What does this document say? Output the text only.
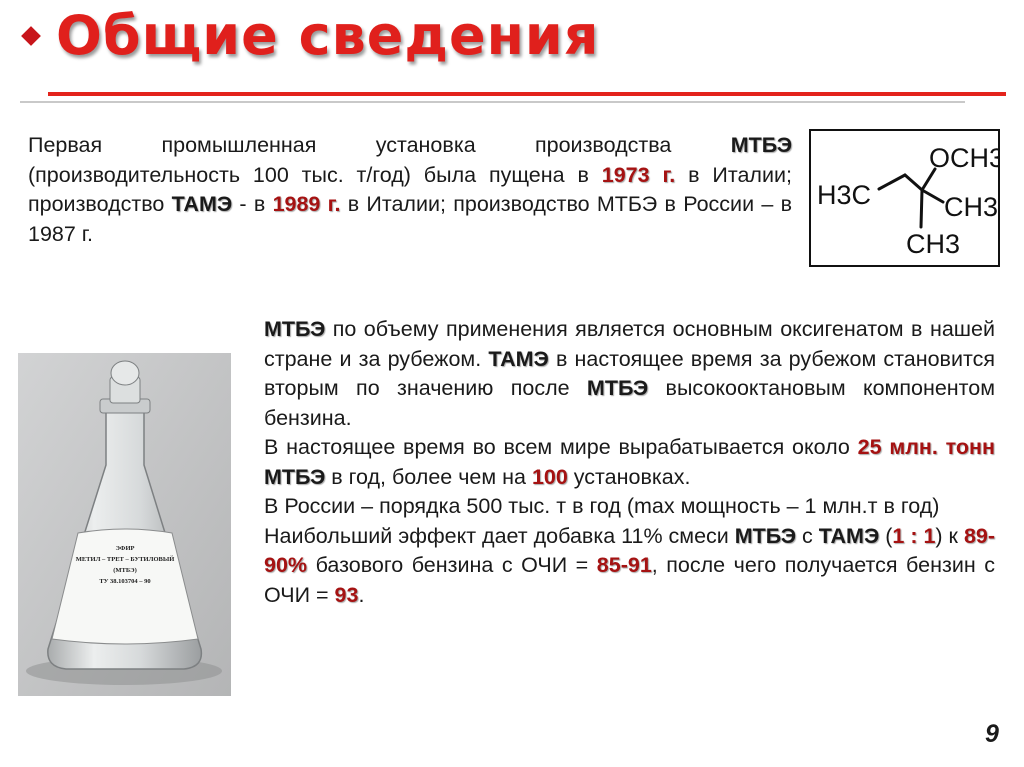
Общие сведения

Первая промышленная установка производства МТБЭ (производительность 100 тыс. т/год) была пущена в 1973 г. в Италии; производство ТАМЭ - в 1989 г. в Италии; производство МТБЭ в России – в 1987 г.

OCH3
H3C	CH3
CH3
ЭФИР
МЕТИЛ – ТРЕТ – БУТИЛОВЫЙ
(МТБЭ)
ТУ 38.103704 – 90

МТБЭ по объему применения является основным оксигенатом в нашей стране и за рубежом. ТАМЭ в настоящее время за рубежом становится вторым по значению после МТБЭ высокооктановым компонентом бензина.

В настоящее время во всем мире вырабатывается около 25 млн. тонн МТБЭ в год, более чем на 100 установках.

В России – порядка 500 тыс. т в год (max мощность – 1 млн.т в год)

Наибольший эффект дает добавка 11% смеси МТБЭ с ТАМЭ (1 : 1) к 89-90% базового бензина с ОЧИ = 85-91, после чего получается бензин с ОЧИ = 93.

9
